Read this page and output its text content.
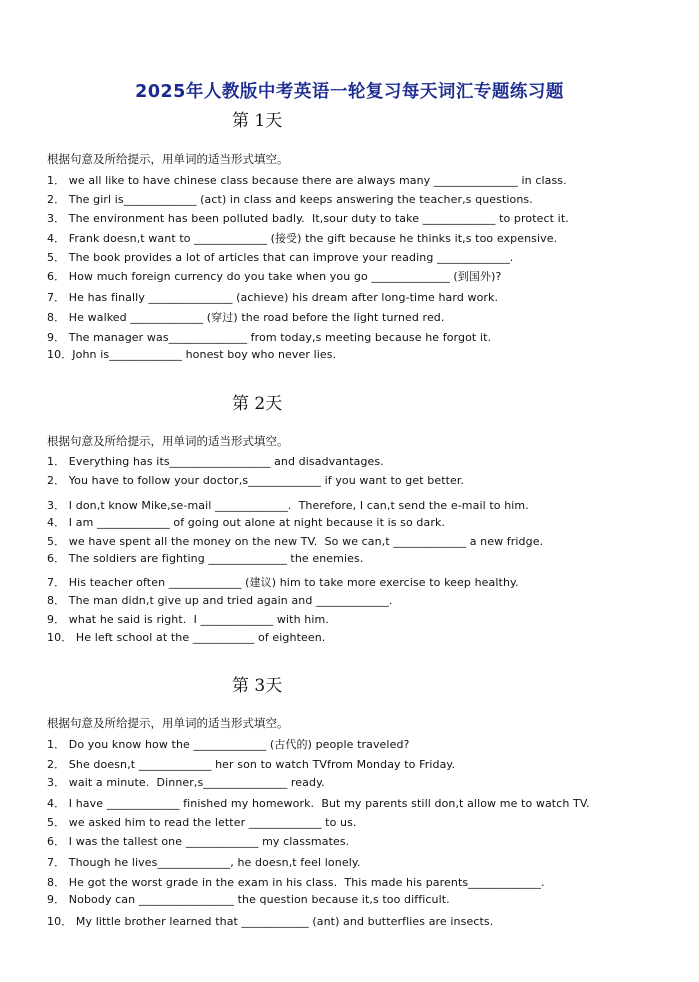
2025年人教版中考英语一轮复习每天词汇专题练习题
第 1天
根据句意及所给提示，用单词的适当形式填空。
1． we all like to have chinese class because there are always many _______________ in class.
2． The girl is_____________ (act) in class and keeps answering the teacher,s questions.
3． The environment has been polluted badly.  It,sour duty to take _____________ to protect it.
4． Frank doesn,t want to _____________ (接受) the gift because he thinks it,s too expensive.
5． The book provides a lot of articles that can improve your reading _____________.
6． How much foreign currency do you take when you go ______________ (到国外)?
7． He has finally _______________ (achieve) his dream after long-time hard work.
8． He walked _____________ (穿过) the road before the light turned red.
9． The manager was______________ from today,s meeting because he forgot it.
10．John is_____________ honest boy who never lies.
第 2天
根据句意及所给提示，用单词的适当形式填空。
1． Everything has its__________________ and disadvantages.
2． You have to follow your doctor,s_____________ if you want to get better.
3． I don,t know Mike,se-mail _____________.  Therefore, I can,t send the e-mail to him.
4． I am _____________ of going out alone at night because it is so dark.
5． we have spent all the money on the new TV.  So we can,t _____________ a new fridge.
6． The soldiers are fighting ______________ the enemies.
7． His teacher often _____________ (建议) him to take more exercise to keep healthy.
8． The man didn,t give up and tried again and _____________.
9． what he said is right.  I _____________ with him.
10． He left school at the ___________ of eighteen.
第 3天
根据句意及所给提示，用单词的适当形式填空。
1． Do you know how the _____________ (古代的) people traveled?
2． She doesn,t _____________ her son to watch TVfrom Monday to Friday.
3． wait a minute.  Dinner,s_______________ ready.
4． I have _____________ finished my homework.  But my parents still don,t allow me to watch TV.
5． we asked him to read the letter _____________ to us.
6． I was the tallest one _____________ my classmates.
7． Though he lives_____________, he doesn,t feel lonely.
8． He got the worst grade in the exam in his class.  This made his parents_____________.
9． Nobody can _________________ the question because it,s too difficult.
10． My little brother learned that ____________ (ant) and butterflies are insects.
